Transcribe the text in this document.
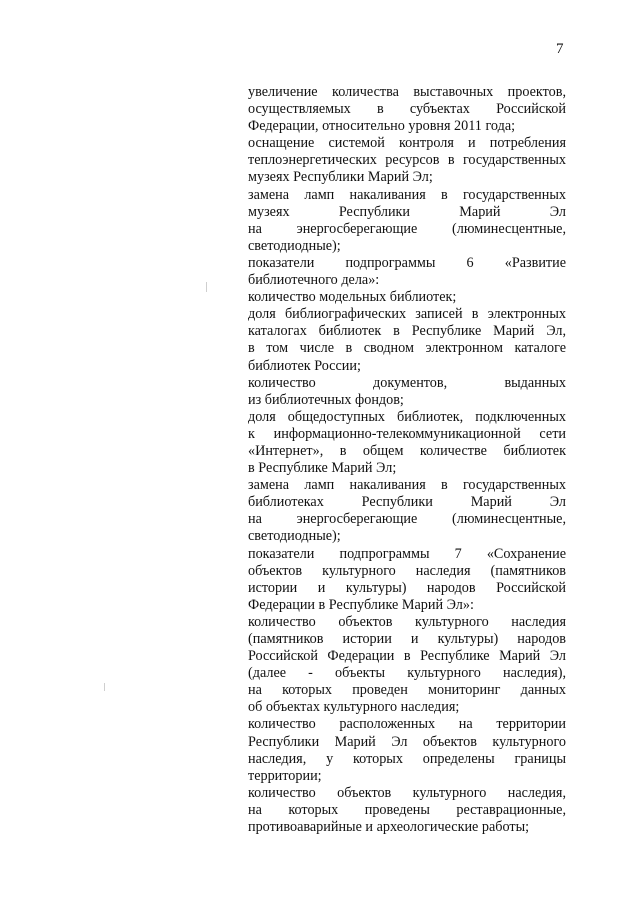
7
увеличение количества выставочных проектов,
осуществляемых в субъектах Российской
Федерации, относительно уровня 2011 года;
оснащение системой контроля и потребления
теплоэнергетических ресурсов в государственных
музеях Республики Марий Эл;
замена ламп накаливания в государственных
музеях Республики Марий Эл
на энергосберегающие (люминесцентные,
светодиодные);
показатели подпрограммы 6 «Развитие
библиотечного дела»:
количество модельных библиотек;
доля библиографических записей в электронных
каталогах библиотек в Республике Марий Эл,
в том числе в сводном электронном каталоге
библиотек России;
количество документов, выданных
из библиотечных фондов;
доля общедоступных библиотек, подключенных
к информационно-телекоммуникационной сети
«Интернет», в общем количестве библиотек
в Республике Марий Эл;
замена ламп накаливания в государственных
библиотеках Республики Марий Эл
на энергосберегающие (люминесцентные,
светодиодные);
показатели подпрограммы 7 «Сохранение
объектов культурного наследия (памятников
истории и культуры) народов Российской
Федерации в Республике Марий Эл»:
количество объектов культурного наследия
(памятников истории и культуры) народов
Российской Федерации в Республике Марий Эл
(далее - объекты культурного наследия),
на которых проведен мониторинг данных
об объектах культурного наследия;
количество расположенных на территории
Республики Марий Эл объектов культурного
наследия, у которых определены границы
территории;
количество объектов культурного наследия,
на которых проведены реставрационные,
противоаварийные и археологические работы;
